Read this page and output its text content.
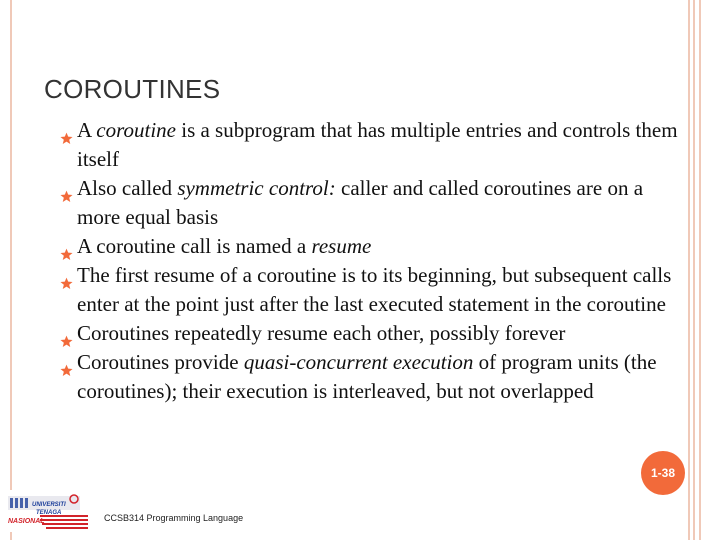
COROUTINES
A coroutine is a subprogram that has multiple entries and controls them itself
Also called symmetric control: caller and called coroutines are on a more equal basis
A coroutine call is named a resume
The first resume of a coroutine is to its beginning, but subsequent calls enter at the point just after the last executed statement in the coroutine
Coroutines repeatedly resume each other, possibly forever
Coroutines provide quasi-concurrent execution of program units (the coroutines); their execution is interleaved, but not overlapped
1-38
UNIVERSITI
TENAGA
NASIONAL	CCSB314 Programming Language
